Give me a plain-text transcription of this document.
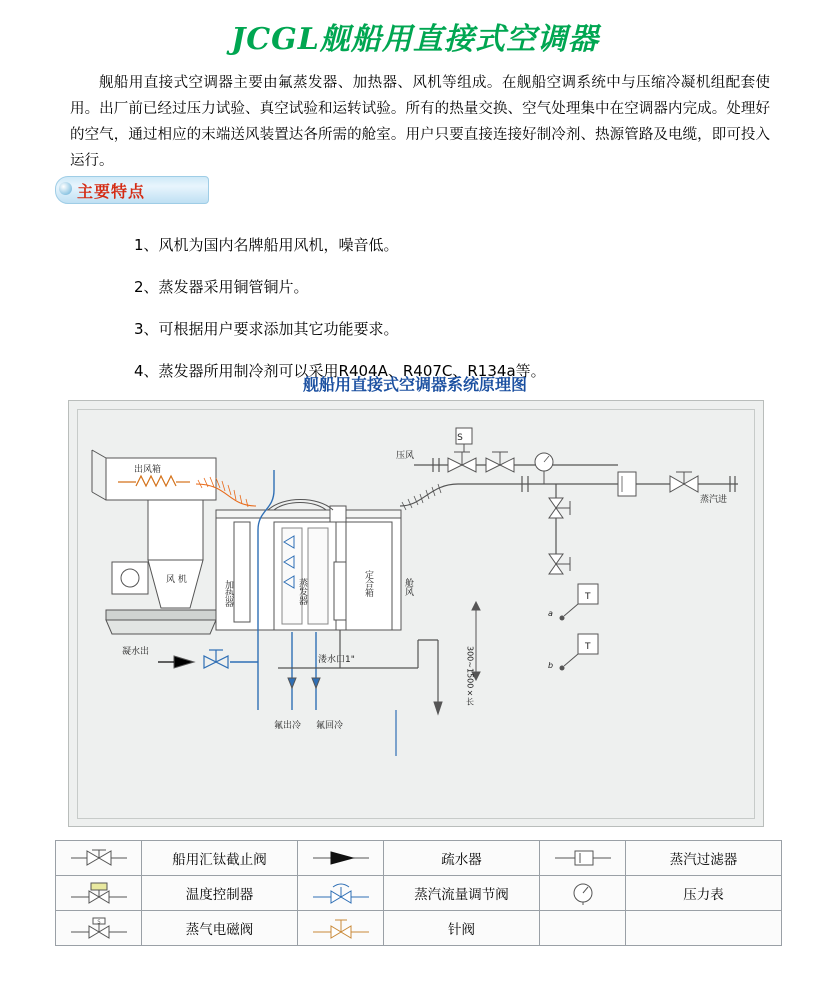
JCGL舰船用直接式空调器
舰船用直接式空调器主要由氟蒸发器、加热器、风机等组成。在舰船空调系统中与压缩冷凝机组配套使用。出厂前已经过压力试验、真空试验和运转试验。所有的热量交换、空气处理集中在空调器内完成。处理好的空气，通过相应的末端送风装置达各所需的舱室。用户只要直接连接好制冷剂、热源管路及电缆，即可投入运行。
主要特点
1、风机为国内名牌船用风机，噪音低。
2、蒸发器采用铜管铜片。
3、可根据用户要求添加其它功能要求。
4、蒸发器所用制冷剂可以采用R404A、R407C、R134a等。
舰船用直接式空调器系统原理图
出风箱
风 机	加热器	蒸发器	定合箱	舱风
压风
蒸汽进
凝水出
溇水口1"
氟出冷 氟回冷
300~1500×长
S
T
T
a
b
	船用汇钛截止阀		疏水器		蒸汽过滤器

	温度控制器		蒸汽流量调节阀		压力表

S	蒸气电磁阀		针阀		
